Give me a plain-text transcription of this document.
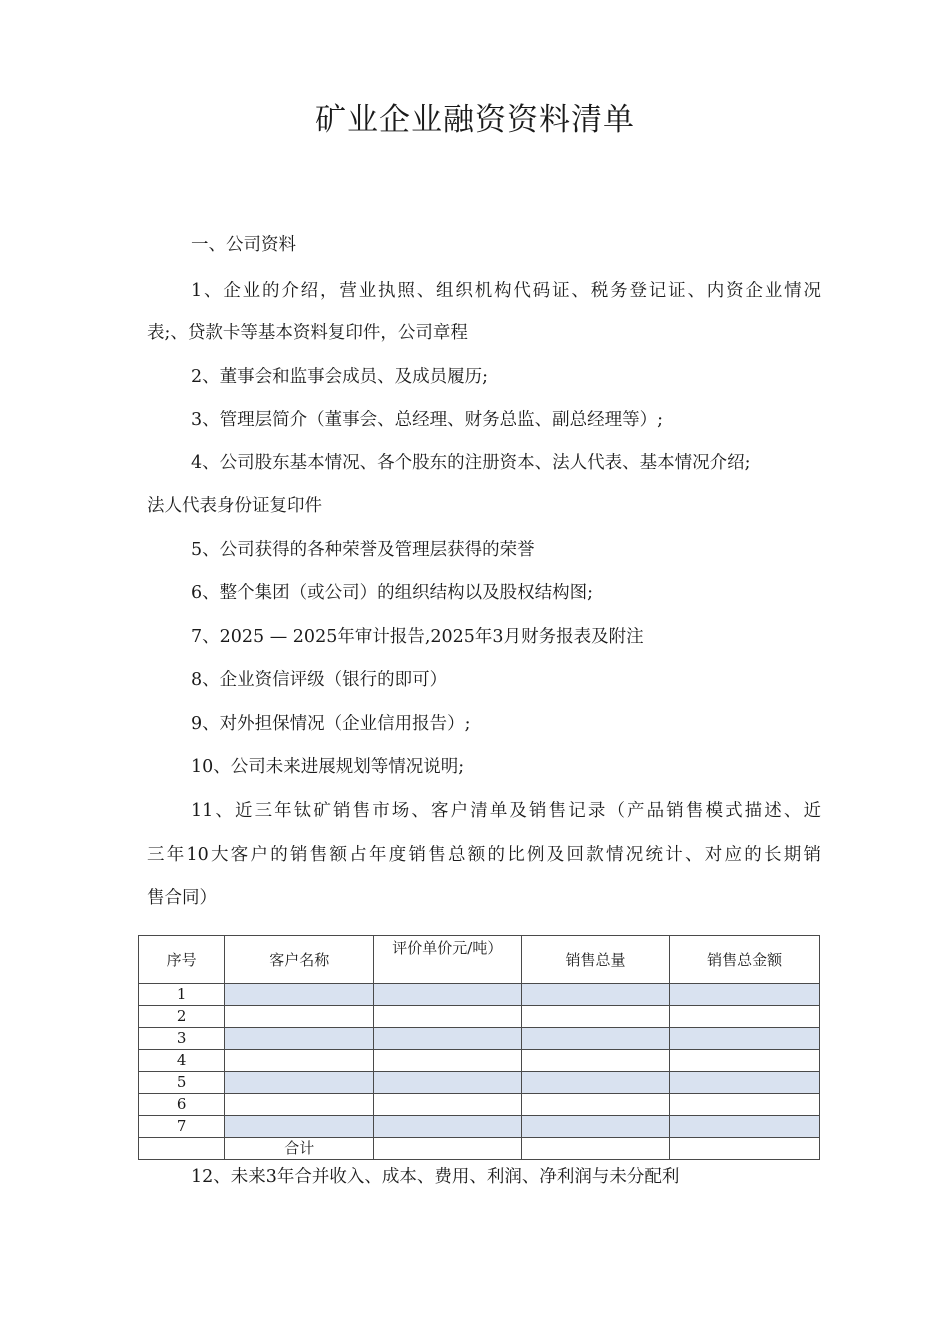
矿业企业融资资料清单
一、公司资料
1、企业的介绍，营业执照、组织机构代码证、税务登记证、内资企业情况
表;、贷款卡等基本资料复印件，公司章程
2、董事会和监事会成员、及成员履历;
3、管理层简介（董事会、总经理、财务总监、副总经理等）;
4、公司股东基本情况、各个股东的注册资本、法人代表、基本情况介绍;
法人代表身份证复印件
5、公司获得的各种荣誉及管理层获得的荣誉
6、整个集团（或公司）的组织结构以及股权结构图;
7、2025 — 2025年审计报告,2025年3月财务报表及附注
8、企业资信评级（银行的即可）
9、对外担保情况（企业信用报告）;
10、公司未来进展规划等情况说明;
11、近三年钛矿销售市场、客户清单及销售记录（产品销售模式描述、近
三年10大客户的销售额占年度销售总额的比例及回款情况统计、对应的长期销
售合同）
12、未来3年合并收入、成本、费用、利润、净利润与未分配利
序号	客户名称	评价单价元/吨）	销售总量	销售总金额
1				
2				
3				
4				
5				
6				
7				
	合计			
